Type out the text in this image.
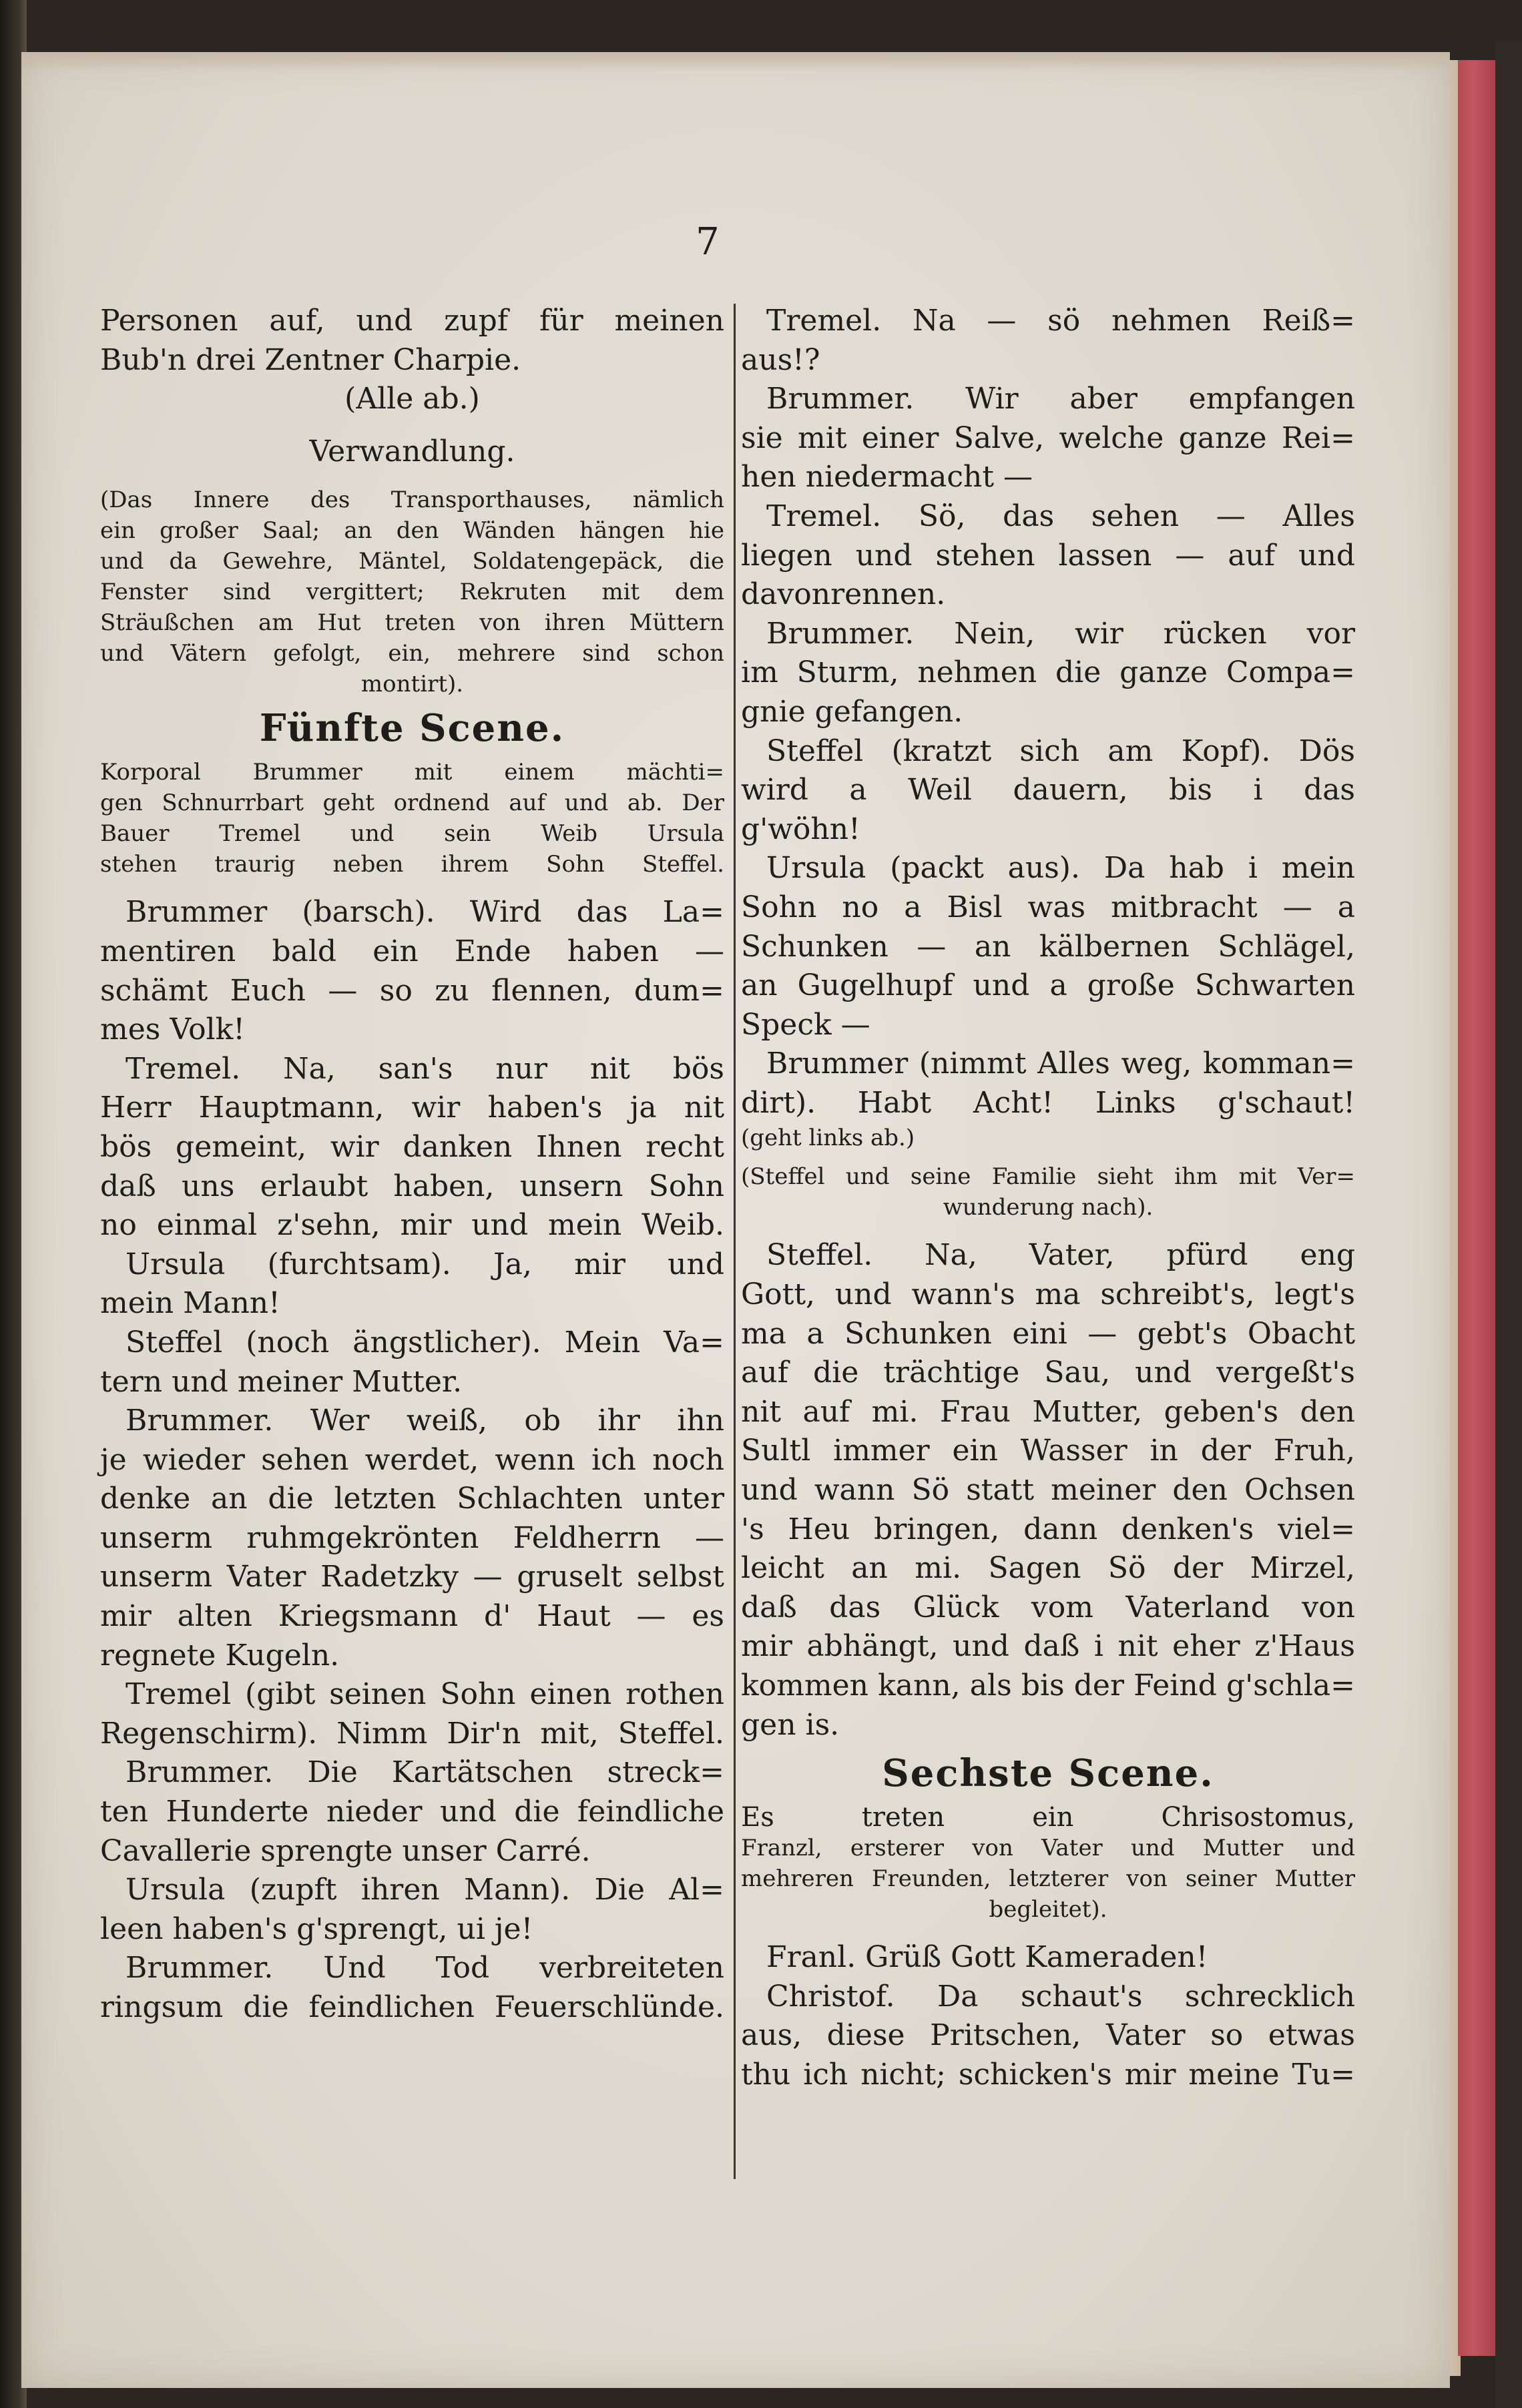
7
Personen auf, und zupf für meinen
Bub'n drei Zentner Charpie.
(Alle ab.)
Verwandlung.
(Das Innere des Transporthauses, nämlich
ein großer Saal; an den Wänden hängen hie
und da Gewehre, Mäntel, Soldatengepäck, die
Fenster sind vergittert; Rekruten mit dem
Sträußchen am Hut treten von ihren Müttern
und Vätern gefolgt, ein, mehrere sind schon
montirt).
Fünfte Scene.
Korporal Brummer mit einem mächti=
gen Schnurrbart geht ordnend auf und ab. Der
Bauer Tremel und sein Weib Ursula
stehen traurig neben ihrem Sohn Steffel.
Brummer (barsch). Wird das La=
mentiren bald ein Ende haben —
schämt Euch — so zu flennen, dum=
mes Volk!
Tremel. Na, san's nur nit bös
Herr Hauptmann, wir haben's ja nit
bös gemeint, wir danken Ihnen recht
daß uns erlaubt haben, unsern Sohn
no einmal z'sehn, mir und mein Weib.
Ursula (furchtsam). Ja, mir und
mein Mann!
Steffel (noch ängstlicher). Mein Va=
tern und meiner Mutter.
Brummer. Wer weiß, ob ihr ihn
je wieder sehen werdet, wenn ich noch
denke an die letzten Schlachten unter
unserm ruhmgekrönten Feldherrn —
unserm Vater Radetzky — gruselt selbst
mir alten Kriegsmann d' Haut — es
regnete Kugeln.
Tremel (gibt seinen Sohn einen rothen
Regenschirm). Nimm Dir'n mit, Steffel.
Brummer. Die Kartätschen streck=
ten Hunderte nieder und die feindliche
Cavallerie sprengte unser Carré.
Ursula (zupft ihren Mann). Die Al=
leen haben's g'sprengt, ui je!
Brummer. Und Tod verbreiteten
ringsum die feindlichen Feuerschlünde.
Tremel. Na — sö nehmen Reiß=
aus!?
Brummer. Wir aber empfangen
sie mit einer Salve, welche ganze Rei=
hen niedermacht —
Tremel. Sö, das sehen — Alles
liegen und stehen lassen — auf und
davonrennen.
Brummer. Nein, wir rücken vor
im Sturm, nehmen die ganze Compa=
gnie gefangen.
Steffel (kratzt sich am Kopf). Dös
wird a Weil dauern, bis i das
g'wöhn!
Ursula (packt aus). Da hab i mein
Sohn no a Bisl was mitbracht — a
Schunken — an kälbernen Schlägel,
an Gugelhupf und a große Schwarten
Speck —
Brummer (nimmt Alles weg, komman=
dirt). Habt Acht! Links g'schaut!
(geht links ab.)
(Steffel und seine Familie sieht ihm mit Ver=
wunderung nach).
Steffel. Na, Vater, pfürd eng
Gott, und wann's ma schreibt's, legt's
ma a Schunken eini — gebt's Obacht
auf die trächtige Sau, und vergeßt's
nit auf mi. Frau Mutter, geben's den
Sultl immer ein Wasser in der Fruh,
und wann Sö statt meiner den Ochsen
's Heu bringen, dann denken's viel=
leicht an mi. Sagen Sö der Mirzel,
daß das Glück vom Vaterland von
mir abhängt, und daß i nit eher z'Haus
kommen kann, als bis der Feind g'schla=
gen is.
Sechste Scene.
Es treten ein Chrisostomus,
Franzl, ersterer von Vater und Mutter und
mehreren Freunden, letzterer von seiner Mutter
begleitet).
Franl. Grüß Gott Kameraden!
Christof. Da schaut's schrecklich
aus, diese Pritschen, Vater so etwas
thu ich nicht; schicken's mir meine Tu=
